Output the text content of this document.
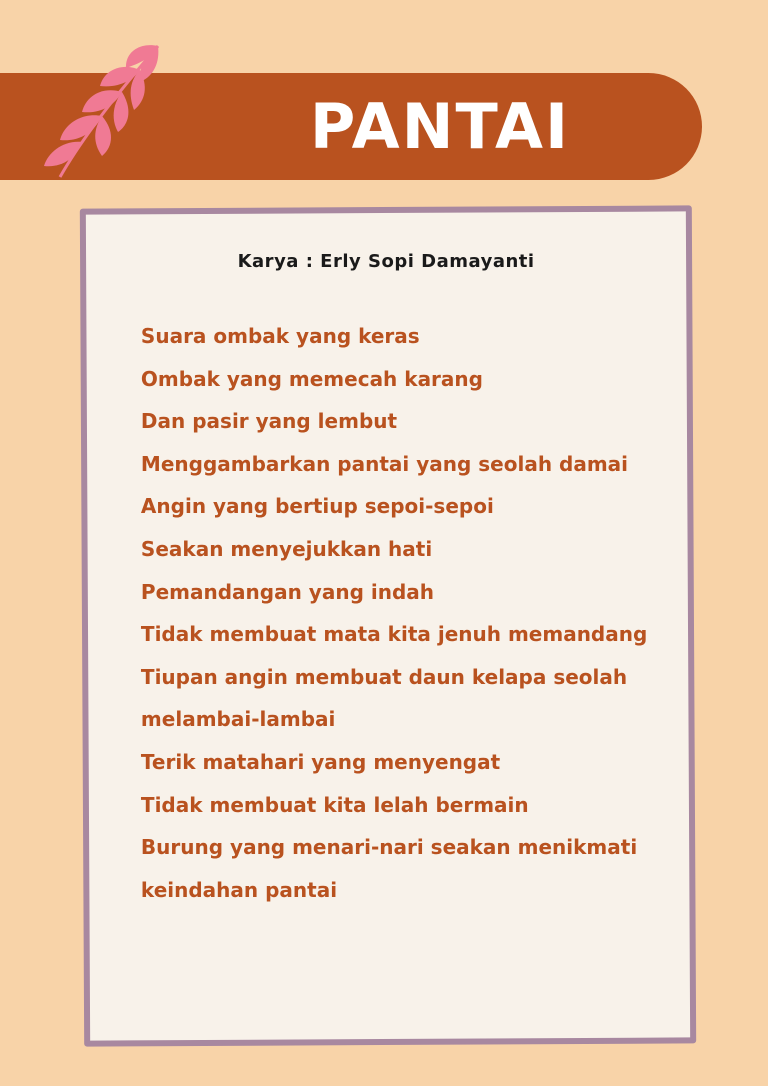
PANTAI
Karya : Erly Sopi Damayanti
Suara ombak yang keras
Ombak yang memecah karang
Dan pasir yang lembut
Menggambarkan pantai yang seolah damai
Angin yang bertiup sepoi-sepoi
Seakan menyejukkan hati
Pemandangan yang indah
Tidak membuat mata kita jenuh memandang
Tiupan angin membuat daun kelapa seolah
melambai-lambai
Terik matahari yang menyengat
Tidak membuat kita lelah bermain
Burung yang menari-nari seakan menikmati
keindahan pantai
